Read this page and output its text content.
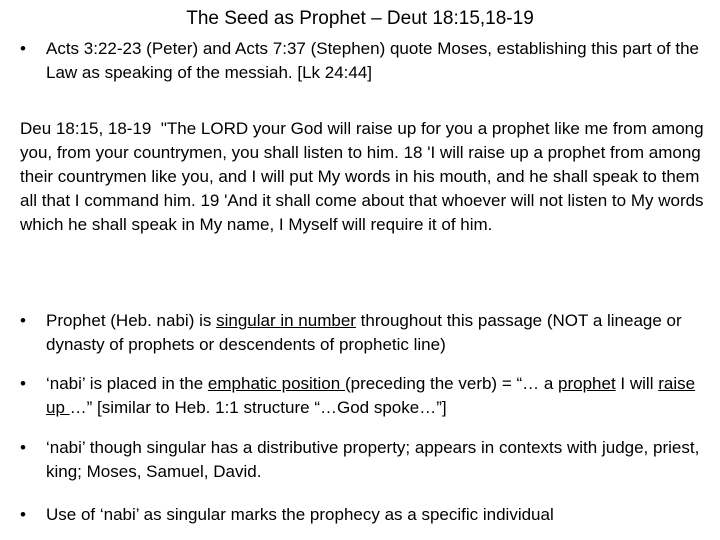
The Seed as Prophet – Deut 18:15,18-19
•	Acts 3:22-23 (Peter) and Acts 7:37 (Stephen) quote Moses, establishing this part of the Law as speaking of the messiah. [Lk 24:44]
Deu 18:15, 18-19 "The LORD your God will raise up for you a prophet like me from among you, from your countrymen, you shall listen to him. 18 'I will raise up a prophet from among their countrymen like you, and I will put My words in his mouth, and he shall speak to them all that I command him. 19 'And it shall come about that whoever will not listen to My words which he shall speak in My name, I Myself will require it of him.
•	Prophet (Heb. nabi) is singular in number throughout this passage (NOT a lineage or dynasty of prophets or descendents of prophetic line)
•	‘nabi’ is placed in the emphatic position (preceding the verb) = “… a prophet I will raise up …” [similar to Heb. 1:1 structure “…God spoke…”]
•	‘nabi’ though singular has a distributive property; appears in contexts with judge, priest, king; Moses, Samuel, David.
•	Use of ‘nabi’ as singular marks the prophecy as a specific individual
